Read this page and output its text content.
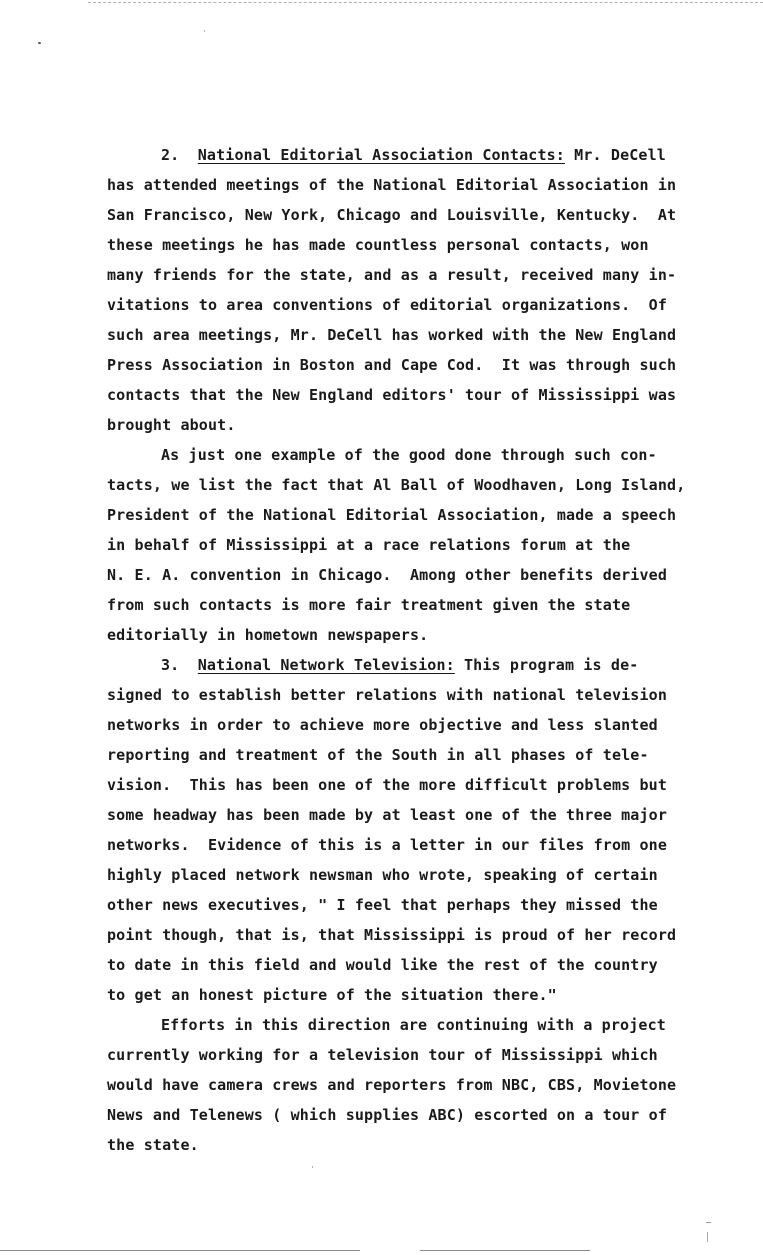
2. National Editorial Association Contacts: Mr. DeCell
has attended meetings of the National Editorial Association in
San Francisco, New York, Chicago and Louisville, Kentucky.  At
these meetings he has made countless personal contacts, won
many friends for the state, and as a result, received many in-
vitations to area conventions of editorial organizations.  Of
such area meetings, Mr. DeCell has worked with the New England
Press Association in Boston and Cape Cod.  It was through such
contacts that the New England editors' tour of Mississippi was
brought about.
As just one example of the good done through such con-
tacts, we list the fact that Al Ball of Woodhaven, Long Island,
President of the National Editorial Association, made a speech
in behalf of Mississippi at a race relations forum at the
N. E. A. convention in Chicago.  Among other benefits derived
from such contacts is more fair treatment given the state
editorially in hometown newspapers.
3. National Network Television: This program is de-
signed to establish better relations with national television
networks in order to achieve more objective and less slanted
reporting and treatment of the South in all phases of tele-
vision.  This has been one of the more difficult problems but
some headway has been made by at least one of the three major
networks.  Evidence of this is a letter in our files from one
highly placed network newsman who wrote, speaking of certain
other news executives, " I feel that perhaps they missed the
point though, that is, that Mississippi is proud of her record
to date in this field and would like the rest of the country
to get an honest picture of the situation there."
Efforts in this direction are continuing with a project
currently working for a television tour of Mississippi which
would have camera crews and reporters from NBC, CBS, Movietone
News and Telenews ( which supplies ABC) escorted on a tour of
the state.
